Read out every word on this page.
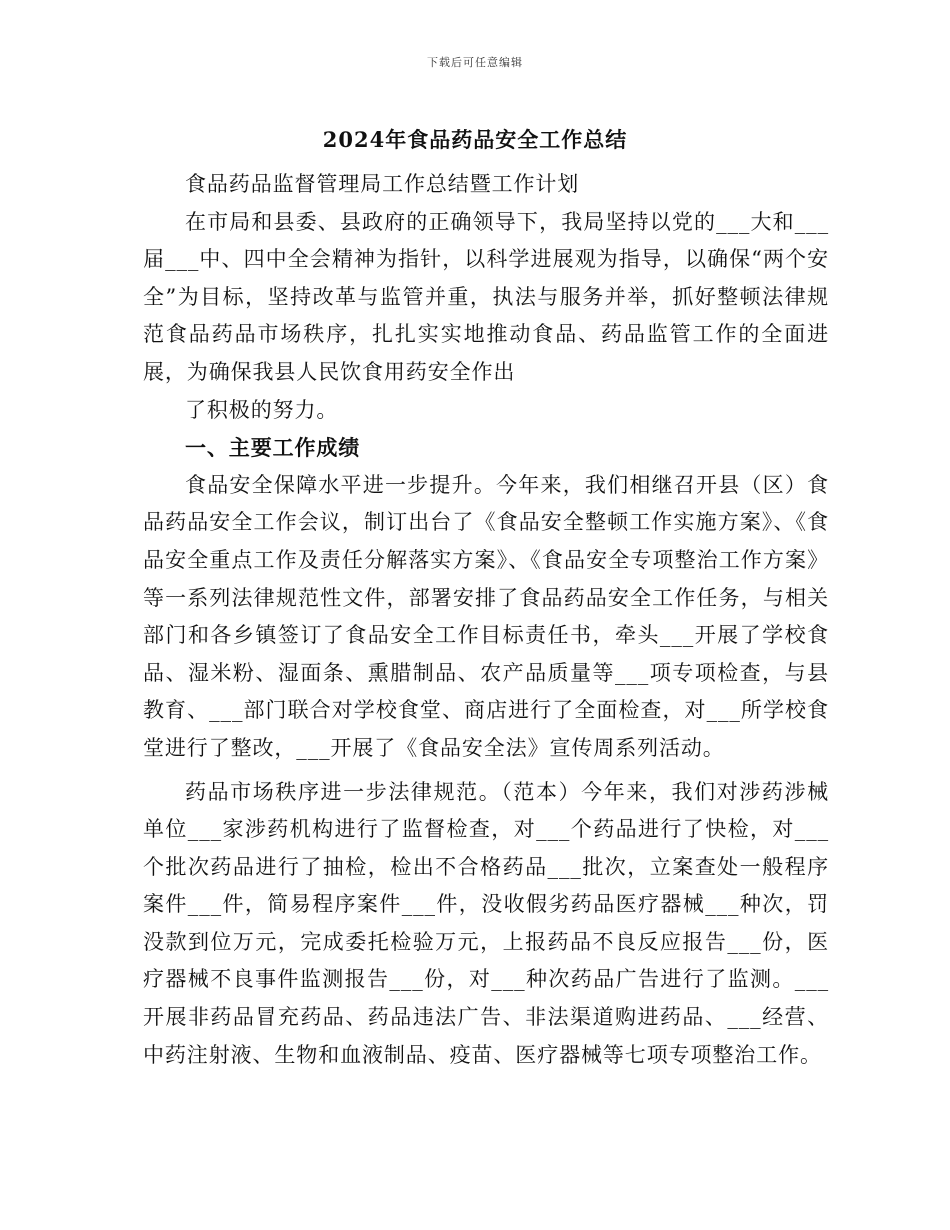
下载后可任意编辑
2024年食品药品安全工作总结

食品药品监督管理局工作总结暨工作计划

在市局和县委、县政府的正确领导下，我局坚持以党的___大和___届___中、四中全会精神为指针，以科学进展观为指导，以确保“两个安全”为目标，坚持改革与监管并重，执法与服务并举，抓好整顿法律规范食品药品市场秩序，扎扎实实地推动食品、药品监管工作的全面进展，为确保我县人民饮食用药安全作出

了积极的努力。

一、主要工作成绩

食品安全保障水平进一步提升。今年来，我们相继召开县（区）食品药品安全工作会议，制订出台了《食品安全整顿工作实施方案》、《食品安全重点工作及责任分解落实方案》、《食品安全专项整治工作方案》等一系列法律规范性文件，部署安排了食品药品安全工作任务，与相关部门和各乡镇签订了食品安全工作目标责任书，牵头___开展了学校食品、湿米粉、湿面条、熏腊制品、农产品质量等___项专项检查，与县教育、___部门联合对学校食堂、商店进行了全面检查，对___所学校食堂进行了整改，___开展了《食品安全法》宣传周系列活动。

药品市场秩序进一步法律规范。（范本）今年来，我们对涉药涉械单位___家涉药机构进行了监督检查，对___个药品进行了快检，对___个批次药品进行了抽检，检出不合格药品___批次，立案查处一般程序案件___件，简易程序案件___件，没收假劣药品医疗器械___种次，罚没款到位万元，完成委托检验万元，上报药品不良反应报告___份，医疗器械不良事件监测报告___份，对___种次药品广告进行了监测。___开展非药品冒充药品、药品违法广告、非法渠道购进药品、___经营、中药注射液、生物和血液制品、疫苗、医疗器械等七项专项整治工作。
